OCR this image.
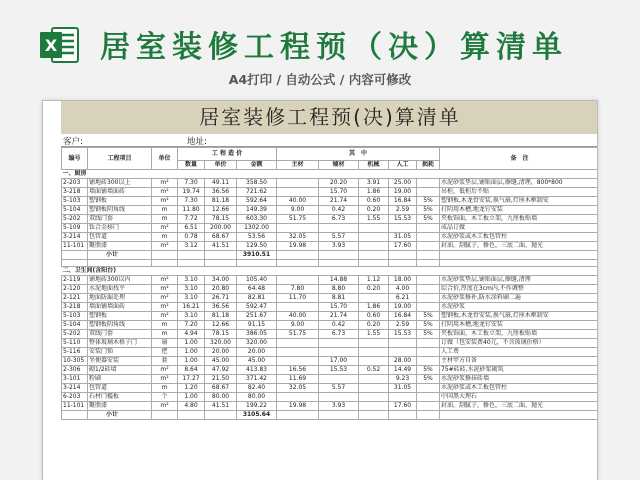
X 居室装修工程预（决）算清单
A4打印 / 自动公式 / 内容可修改
居室装修工程预(决)算清单
客户:	地址:
编号	工程项目	单位	工 程 造 价			其　中					备　注
			数量	单价	金额	主材	辅材	机械	人工	损耗	
一、厨房											
2-203	铺地砖300以上	m²	7.30	49.11	358.50		20.20	3.91	25.00		水泥砂浆垫层,铺贴面层,擦缝,清理，800*800
3-218	墙面铺墙面砖	m²	19.74	36.56	721.62		15.70	1.86	19.00		吊柜，低柜后不贴
5-103	塑钢板	m²	7.30	81.18	592.64	40.00	21.74	0.60	16.84	5%	塑钢板,木龙骨安装,换气扇,灯座木框制安
5-104	塑钢板阴角线	m	11.80	12.66	149.39	9.00	0.42	0.20	2.59	5%	打阴用木槽,地龙钉安装
5-202	双线门套	m	7.72	78.15	603.30	51.75	6.73	1.55	15.53	5%	夹板饰面，木工板立架，九厘板贴墙
5-109	钛合金移门	m²	6.51	200.00	1302.00						成品订做
3-214	包管道	m	0.78	68.67	53.56	32.05	5.57		31.05		水泥砂浆或木工板包管柱
11-101	聚脂漆	m²	3.12	41.51	129.50	19.98	3.93		17.60		封油，刮腻子，修色，三底二面，抛光
	小计				3910.51						

二、卫生间(含阳台)											
2-119	铺地砖300以内	m²	3.10	34.00	105.40		14.88	1.12	18.00		水泥砂浆垫层,铺贴面层,擦缝,清理
2-120	水泥地面找平	m²	3.10	20.80	64.48	7.80	8.80	0.20	4.00		综合价,厚度在3cm内,不作调整
2-121	地面防漏处理	m²	3.10	26.71	82.81	11.70	8.81		6.21		水泥砂浆修补,防水涂料刷二遍
3-218	墙面铺墙面砖	m²	16.21	36.56	592.47		15.70	1.86	19.00		水泥砂浆
5-103	塑钢板	m²	3.10	81.18	251.67	40.00	21.74	0.60	16.84	5%	塑钢板,木龙骨安装,换气扇,灯座木框制安
5-104	塑钢板阴角线	m	7.20	12.66	91.15	9.00	0.42	0.20	2.59	5%	打阴用木槽,地龙钉安装
5-202	双线门套	m	4.94	78.15	386.05	51.75	6.73	1.55	15.53	5%	夹板饰面，木工板立架，九厘板贴墙
5-110	整体玻璃木格子门	扇	1.00	320.00	320.00						订做（包安装费40元，不含玻璃价格）
5-116	安装门锁	把	1.00	20.00	20.00						人工费
10-305	坐便器安装	套	1.00	45.00	45.00		17.00		28.00		主材甲方自备
2-306	砌1/2砖墙	m²	8.64	47.92	413.83	16.56	15.53	0.52	14.49	5%	75#砖砖,水泥砂浆砌筑
3-101	粉刷	m²	17.27	21.50	371.42	11.69			9.23	5%	水泥砂浆修抹砖墙
3-214	包管道	m	1.20	68.67	82.40	32.05	5.57		31.05		水泥砂浆或木工板包管柱
6-203	石材门槛板	个	1.00	80.00	80.00						中国黑大理石
11-101	聚脂漆	m²	4.80	41.51	199.22	19.98	3.93		17.60		封油，刮腻子，修色，三底二面，抛光
	小计				3105.64						
